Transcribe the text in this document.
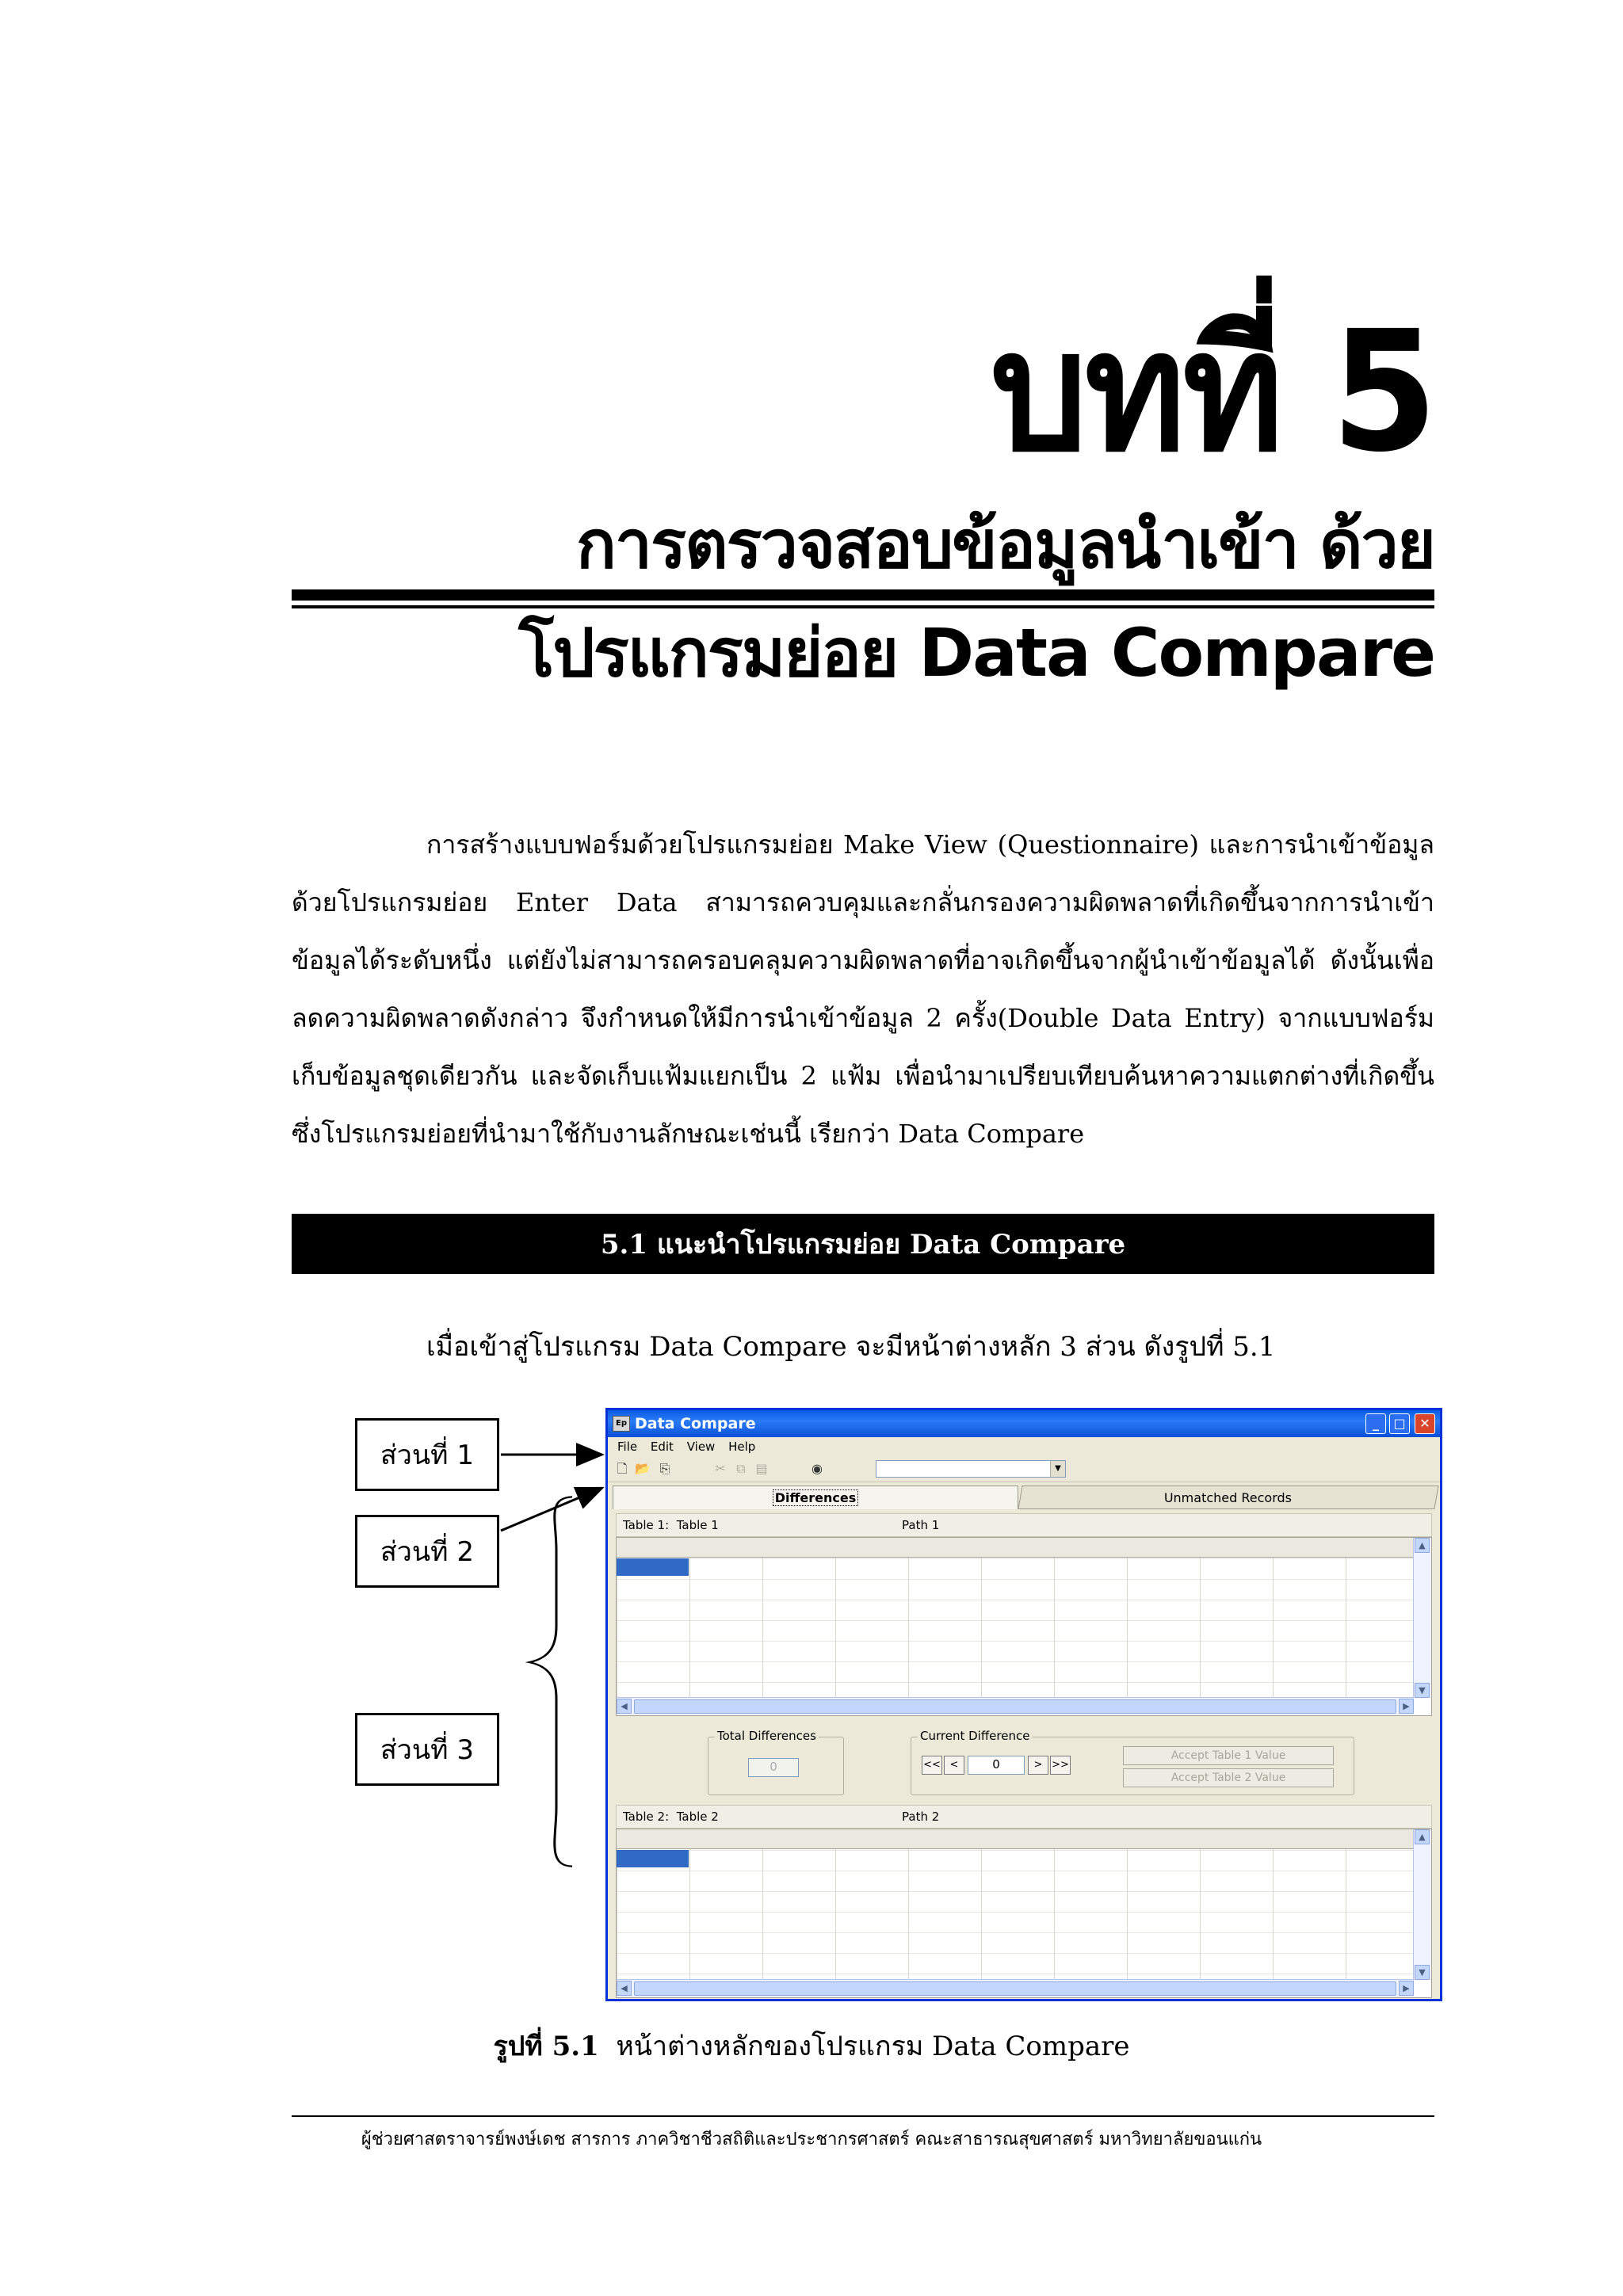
บทที่ 5
การตรวจสอบข้อมูลนำเข้า ด้วย
โปรแกรมย่อย Data Compare
การสร้างแบบฟอร์มด้วยโปรแกรมย่อย Make View (Questionnaire) และการนำเข้าข้อมูลด้วยโปรแกรมย่อย Enter Data สามารถควบคุมและกลั่นกรองความผิดพลาดที่เกิดขึ้นจากการนำเข้าข้อมูลได้ระดับหนึ่ง แต่ยังไม่สามารถครอบคลุมความผิดพลาดที่อาจเกิดขึ้นจากผู้นำเข้าข้อมูลได้ ดังนั้นเพื่อลดความผิดพลาดดังกล่าว จึงกำหนดให้มีการนำเข้าข้อมูล 2 ครั้ง(Double Data Entry) จากแบบฟอร์มเก็บข้อมูลชุดเดียวกัน และจัดเก็บแฟ้มแยกเป็น 2 แฟ้ม เพื่อนำมาเปรียบเทียบค้นหาความแตกต่างที่เกิดขึ้น ซึ่งโปรแกรมย่อยที่นำมาใช้กับงานลักษณะเช่นนี้ เรียกว่า Data Compare
5.1 แนะนำโปรแกรมย่อย Data Compare
เมื่อเข้าสู่โปรแกรม Data Compare จะมีหน้าต่างหลัก 3 ส่วน ดังรูปที่ 5.1
ส่วนที่ 1
ส่วนที่ 2
ส่วนที่ 3
Ep Data Compare	_	□	✕
File Edit View Help
🗋 📂 ⎘	✂ ⧉ ▤	◉	▼
Differences	Unmatched Records
Table 1: Table 1	Path 1
▲
▼
◀	▶
Total Differences
0
Current Difference
<< <	0	> >>
Accept Table 1 Value
Accept Table 2 Value
Table 2: Table 2	Path 2
▲
▼
◀	▶
รูปที่ 5.1 หน้าต่างหลักของโปรแกรม Data Compare
ผู้ช่วยศาสตราจารย์พงษ์เดช สารการ ภาควิชาชีวสถิติและประชากรศาสตร์ คณะสาธารณสุขศาสตร์ มหาวิทยาลัยขอนแก่น
